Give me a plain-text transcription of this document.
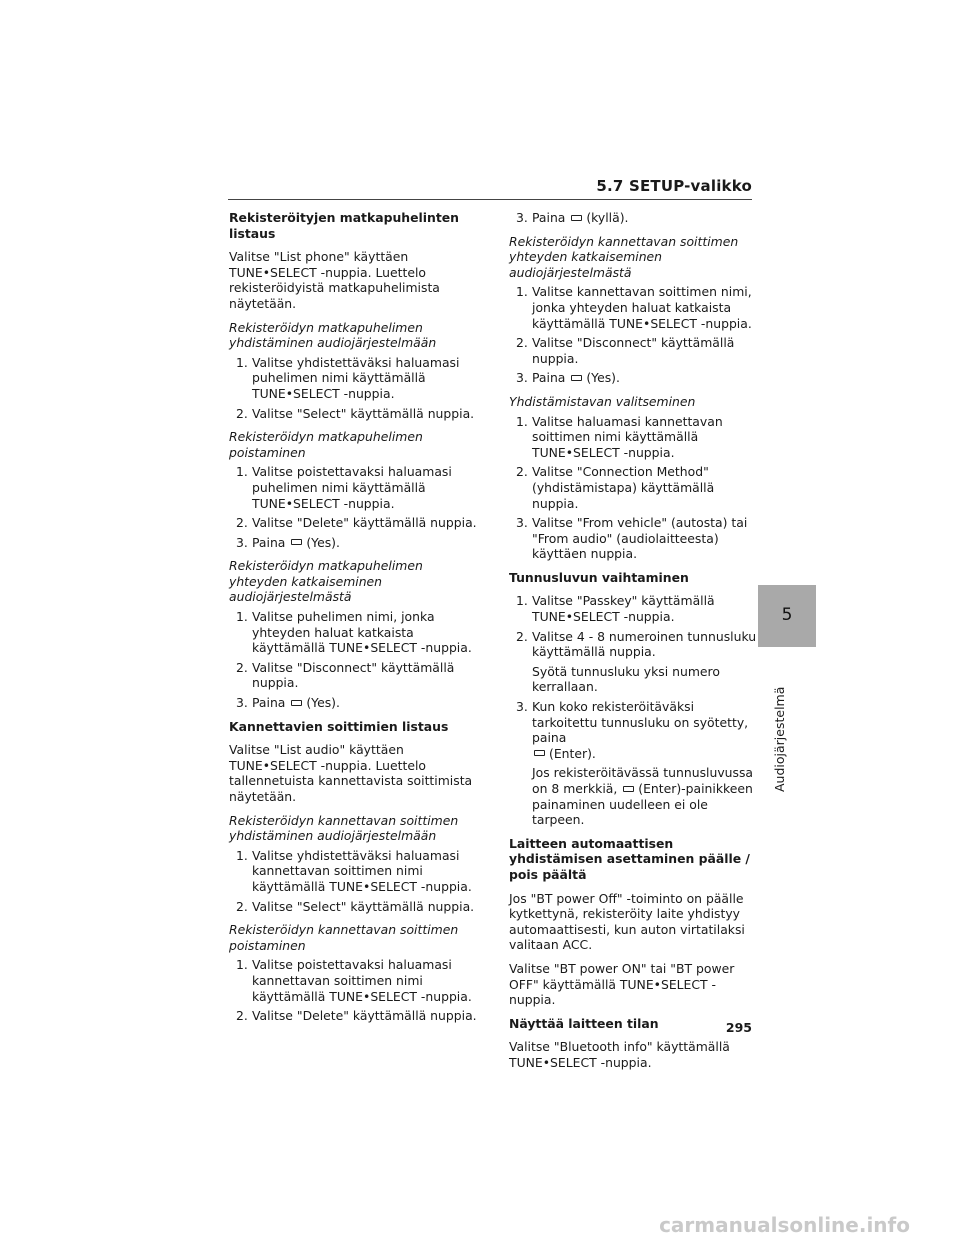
5.7 SETUP-valikko
Rekisteröityjen matkapuhelinten listaus
Valitse "List phone" käyttäen TUNE•SELECT -nuppia. Luettelo rekisteröidyistä matkapuhelimista näytetään.
Rekisteröidyn matkapuhelimen yhdistäminen audiojärjestelmään
1. Valitse yhdistettäväksi haluamasi puhelimen nimi käyttämällä TUNE•SELECT -nuppia.
2. Valitse "Select" käyttämällä nuppia.
Rekisteröidyn matkapuhelimen poistaminen
1. Valitse poistettavaksi haluamasi puhelimen nimi käyttämällä TUNE•SELECT -nuppia.
2. Valitse "Delete" käyttämällä nuppia.
3. Paina (Yes).
Rekisteröidyn matkapuhelimen yhteyden katkaiseminen audiojärjestelmästä
1. Valitse puhelimen nimi, jonka yhteyden haluat katkaista käyttämällä TUNE•SELECT -nuppia.
2. Valitse "Disconnect" käyttämällä nuppia.
3. Paina (Yes).
Kannettavien soittimien listaus
Valitse "List audio" käyttäen TUNE•SELECT -nuppia. Luettelo tallennetuista kannettavista soittimista näytetään.
Rekisteröidyn kannettavan soittimen yhdistäminen audiojärjestelmään
1. Valitse yhdistettäväksi haluamasi kannettavan soittimen nimi käyttämällä TUNE•SELECT -nuppia.
2. Valitse "Select" käyttämällä nuppia.
Rekisteröidyn kannettavan soittimen poistaminen
1. Valitse poistettavaksi haluamasi kannettavan soittimen nimi käyttämällä TUNE•SELECT -nuppia.
2. Valitse "Delete" käyttämällä nuppia.
3. Paina (kyllä).
Rekisteröidyn kannettavan soittimen yhteyden katkaiseminen audiojärjestelmästä
1. Valitse kannettavan soittimen nimi, jonka yhteyden haluat katkaista käyttämällä TUNE•SELECT -nuppia.
2. Valitse "Disconnect" käyttämällä nuppia.
3. Paina (Yes).
Yhdistämistavan valitseminen
1. Valitse haluamasi kannettavan soittimen nimi käyttämällä TUNE•SELECT -nuppia.
2. Valitse "Connection Method" (yhdistämistapa) käyttämällä nuppia.
3. Valitse "From vehicle" (autosta) tai "From audio" (audiolaitteesta) käyttäen nuppia.
Tunnusluvun vaihtaminen
1. Valitse "Passkey" käyttämällä TUNE•SELECT -nuppia.
2. Valitse 4 - 8 numeroinen tunnusluku käyttämällä nuppia.
Syötä tunnusluku yksi numero kerrallaan.
3. Kun koko rekisteröitäväksi tarkoitettu tunnusluku on syötetty, paina
(Enter).
Jos rekisteröitävässä tunnusluvussa on 8 merkkiä, (Enter)-painikkeen painaminen uudelleen ei ole tarpeen.
Laitteen automaattisen yhdistämisen asettaminen päälle / pois päältä
Jos "BT power Off" -toiminto on päälle kytkettynä, rekisteröity laite yhdistyy automaattisesti, kun auton virtatilaksi valitaan ACC.
Valitse "BT power ON" tai "BT power OFF" käyttämällä TUNE•SELECT -nuppia.
Näyttää laitteen tilan
Valitse "Bluetooth info" käyttämällä TUNE•SELECT -nuppia.
5
Audiojärjestelmä
295
carmanualsonline.info
